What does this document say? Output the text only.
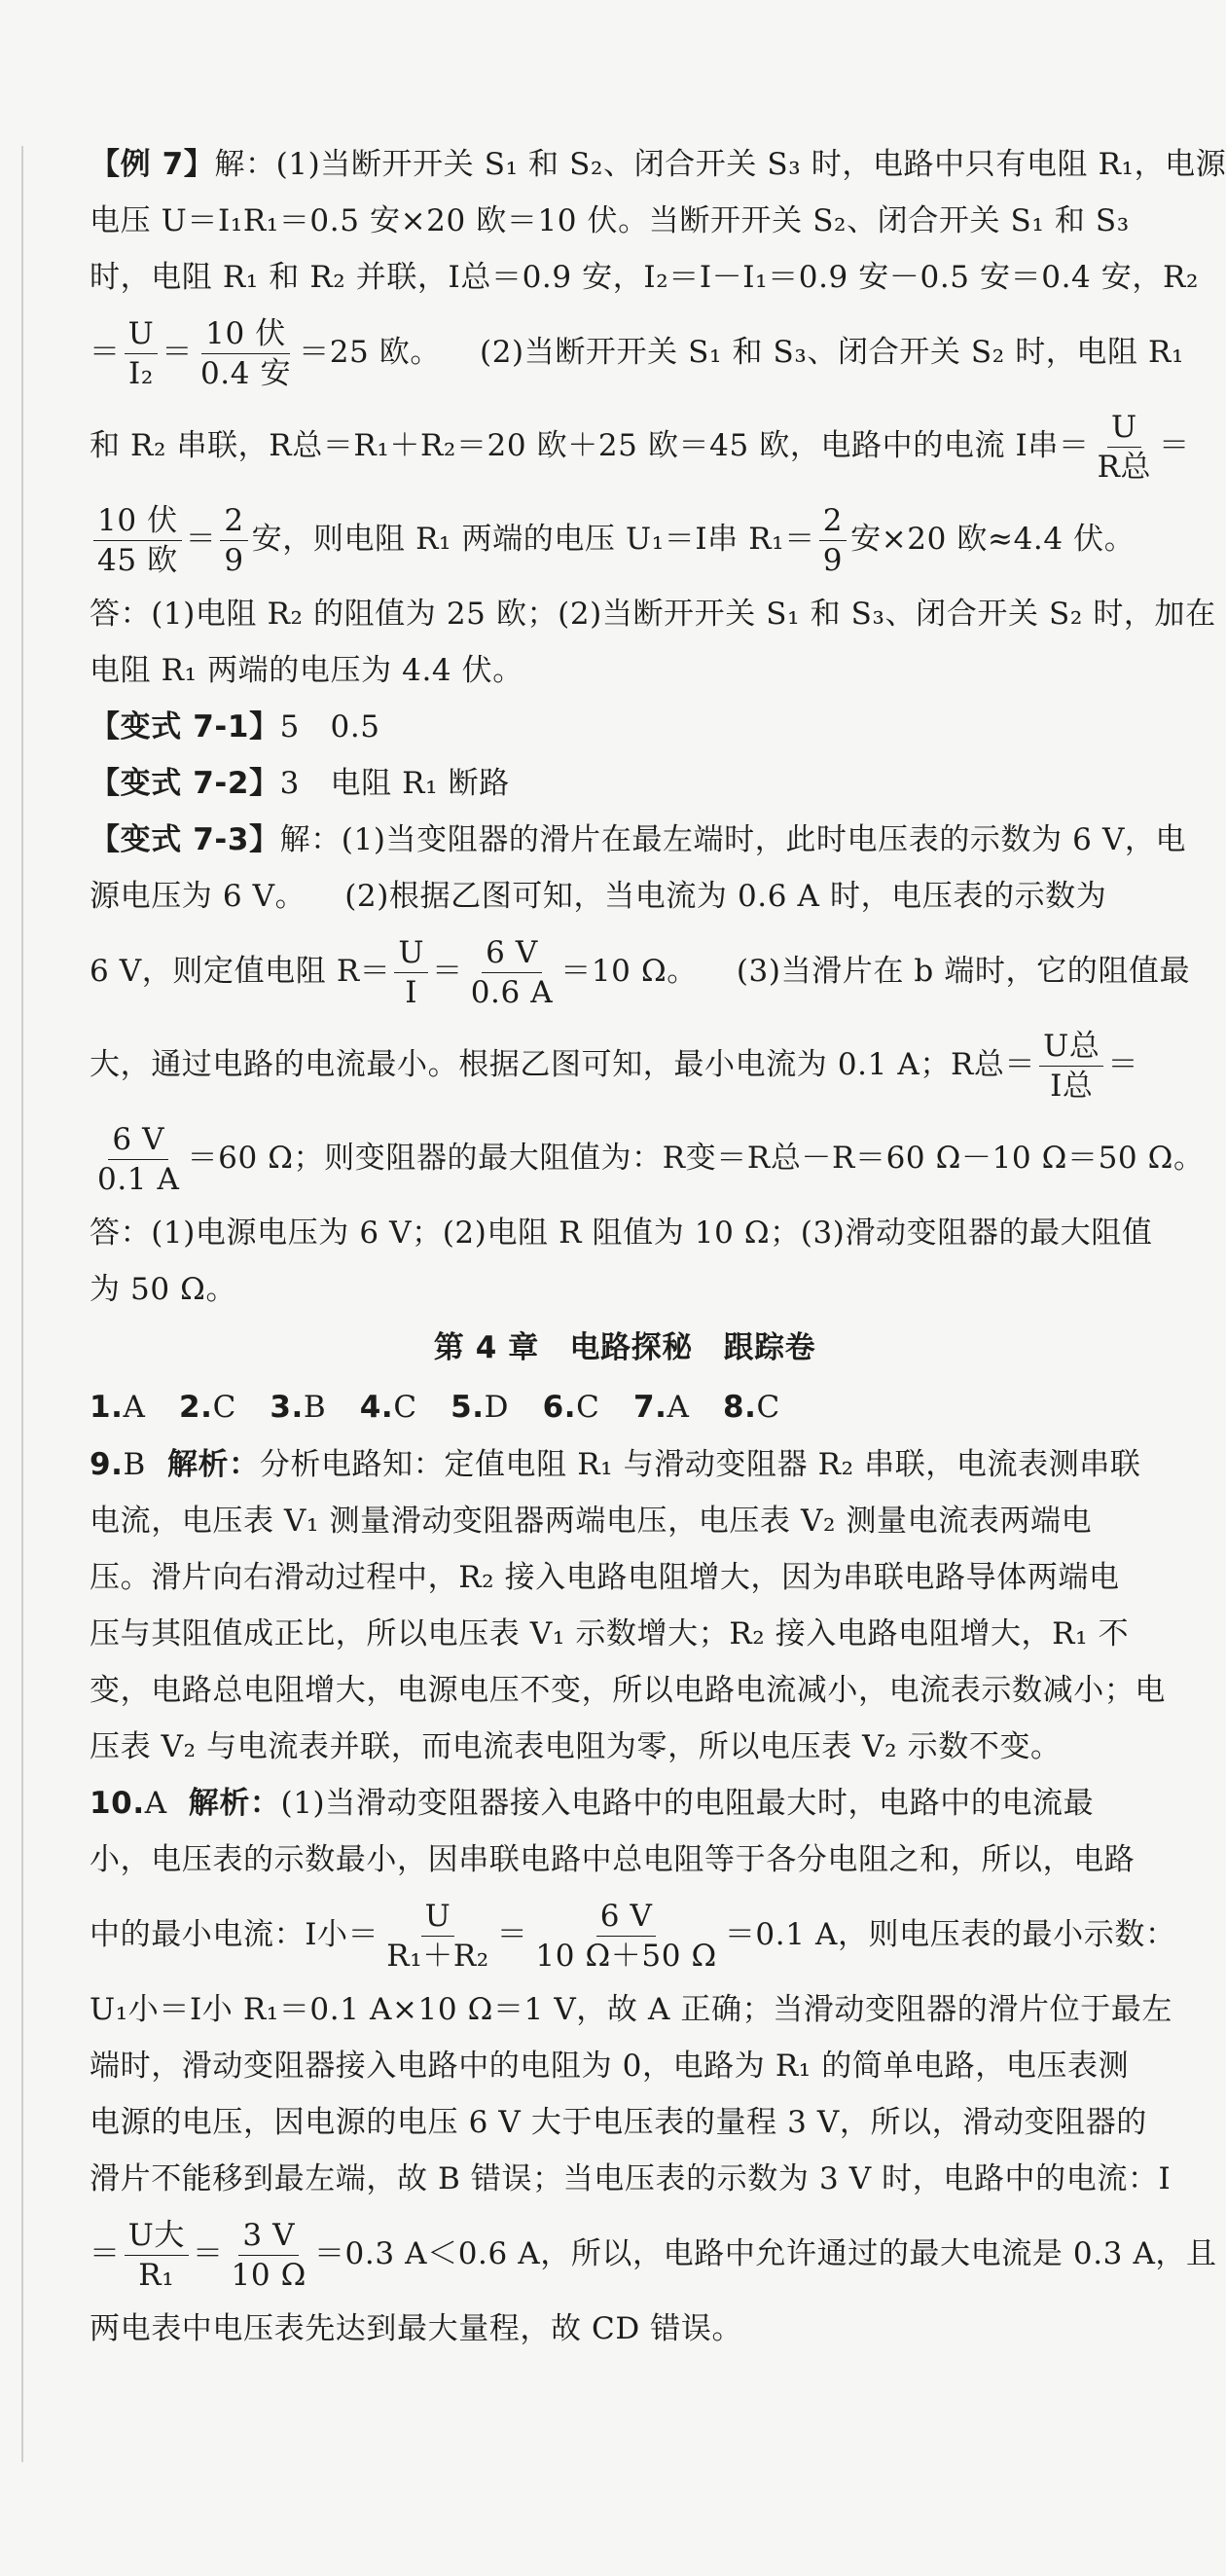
【例 7】解：(1)当断开开关 S₁ 和 S₂、闭合开关 S₃ 时，电路中只有电阻 R₁，电源

电压 U＝I₁R₁＝0.5 安×20 欧＝10 伏。当断开开关 S₂、闭合开关 S₁ 和 S₃

时，电阻 R₁ 和 R₂ 并联，I总＝0.9 安，I₂＝I－I₁＝0.9 安－0.5 安＝0.4 安，R₂

＝ $\frac{U}{\text{I₂}} = \frac{\text{10 伏}}{\text{0.4 安}} =25$ 欧。 (2)当断开开关 S₁ 和 S₃、闭合开关 S₂ 时，电阻 R₁

和 R₂ 串联，R总＝R₁＋R₂＝20 欧＋25 欧＝45 欧，电路中的电流 I串＝ $\frac{U}{\text{R总}}$ ＝

$\frac{\text{10 伏}}{\text{45 欧}} = \frac{2}{9}$ 安，则电阻 R₁ 两端的电压 U₁＝I串 $R_1= \frac{2}{9}$ 安×20 欧≈4.4 伏。

答：(1)电阻 R₂ 的阻值为 25 欧；(2)当断开开关 S₁ 和 S₃、闭合开关 S₂ 时，加在

电阻 R₁ 两端的电压为 4.4 伏。

【变式 7-1】5　0.5

【变式 7-2】3　电阻 R₁ 断路

【变式 7-3】解：(1)当变阻器的滑片在最左端时，此时电压表的示数为 6 V，电

源电压为 6 V。 (2)根据乙图可知，当电流为 0.6 A 时，电压表的示数为

6 V，则定值电阻 $R= \frac{U}{I} = \frac{6 V}{0.6 A} =10$ Ω。 (3)当滑片在 b 端时，它的阻值最

大，通过电路的电流最小。根据乙图可知，最小电流为 0.1 A；R总＝ $\frac{\text{U总}}{\text{I总}}$ ＝

$\frac{6 V}{0.1 A} =60$ Ω；则变阻器的最大阻值为：R变＝R总－R＝60 Ω－10 Ω＝50 Ω。

答：(1)电源电压为 6 V；(2)电阻 R 阻值为 10 Ω；(3)滑动变阻器的最大阻值

为 50 Ω。

第 4 章　电路探秘　跟踪卷

1.A 2.C 3.B 4.C 5.D 6.C 7.A 8.C

9.B 解析：分析电路知：定值电阻 R₁ 与滑动变阻器 R₂ 串联，电流表测串联

电流，电压表 V₁ 测量滑动变阻器两端电压，电压表 V₂ 测量电流表两端电

压。滑片向右滑动过程中，R₂ 接入电路电阻增大，因为串联电路导体两端电

压与其阻值成正比，所以电压表 V₁ 示数增大；R₂ 接入电路电阻增大，R₁ 不

变，电路总电阻增大，电源电压不变，所以电路电流减小，电流表示数减小；电

压表 V₂ 与电流表并联，而电流表电阻为零，所以电压表 V₂ 示数不变。

10.A 解析：(1)当滑动变阻器接入电路中的电阻最大时，电路中的电流最

小，电压表的示数最小，因串联电路中总电阻等于各分电阻之和，所以，电路

中的最小电流：I小＝ $\frac{U}{\text{R₁＋R₂}} = \frac{6 V}{10 \Omega+50 \Omega} =0.1$ A，则电压表的最小示数：

U₁小＝I小 R₁＝0.1 A×10 Ω＝1 V，故 A 正确；当滑动变阻器的滑片位于最左

端时，滑动变阻器接入电路中的电阻为 0，电路为 R₁ 的简单电路，电压表测

电源的电压，因电源的电压 6 V 大于电压表的量程 3 V，所以，滑动变阻器的

滑片不能移到最左端，故 B 错误；当电压表的示数为 3 V 时，电路中的电流：I

＝ $\frac{\text{U大}}{\text{R₁}} = \frac{3 V}{10 \Omega} =0.3$ A＜0.6 A，所以，电路中允许通过的最大电流是 0.3 A，且

两电表中电压表先达到最大量程，故 CD 错误。
